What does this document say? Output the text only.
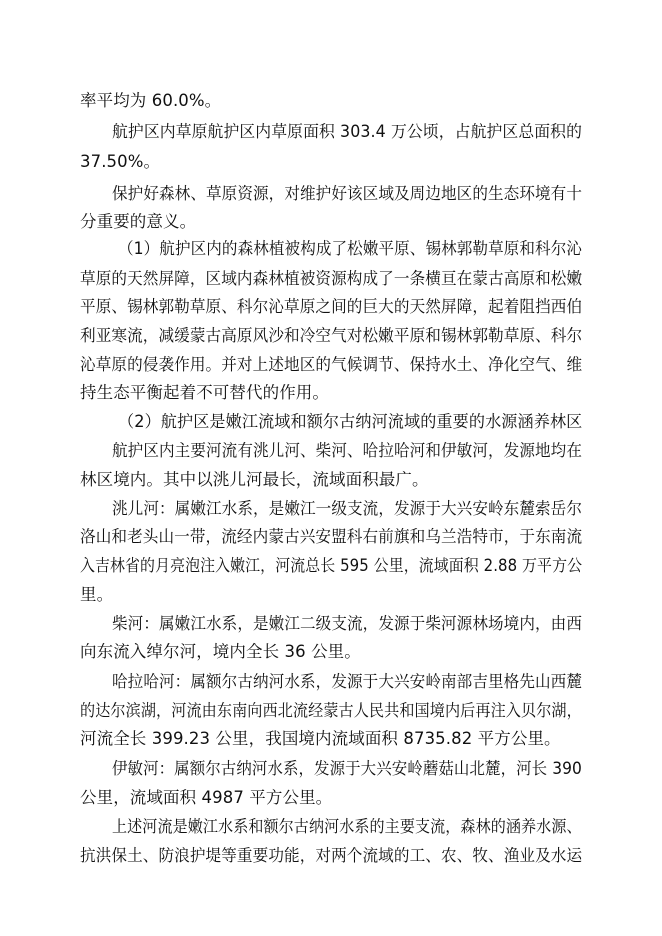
率平均为 60.0%。
航护区内草原航护区内草原面积 303.4 万公顷，占航护区总面积的
37.50%。
保护好森林、草原资源，对维护好该区域及周边地区的生态环境有十
分重要的意义。
（1）航护区内的森林植被构成了松嫩平原、锡林郭勒草原和科尔沁
草原的天然屏障，区域内森林植被资源构成了一条横亘在蒙古高原和松嫩
平原、锡林郭勒草原、科尔沁草原之间的巨大的天然屏障，起着阻挡西伯
利亚寒流，减缓蒙古高原风沙和冷空气对松嫩平原和锡林郭勒草原、科尔
沁草原的侵袭作用。并对上述地区的气候调节、保持水土、净化空气、维
持生态平衡起着不可替代的作用。
（2）航护区是嫩江流域和额尔古纳河流域的重要的水源涵养林区
航护区内主要河流有洮儿河、柴河、哈拉哈河和伊敏河，发源地均在
林区境内。其中以洮儿河最长，流域面积最广。
洮儿河：属嫩江水系，是嫩江一级支流，发源于大兴安岭东麓索岳尔
洛山和老头山一带，流经内蒙古兴安盟科右前旗和乌兰浩特市，于东南流
入吉林省的月亮泡注入嫩江，河流总长 595 公里，流域面积 2.88 万平方公
里。
柴河：属嫩江水系，是嫩江二级支流，发源于柴河源林场境内，由西
向东流入绰尔河，境内全长 36 公里。
哈拉哈河：属额尔古纳河水系，发源于大兴安岭南部吉里格先山西麓
的达尔滨湖，河流由东南向西北流经蒙古人民共和国境内后再注入贝尔湖，
河流全长 399.23 公里，我国境内流域面积 8735.82 平方公里。
伊敏河：属额尔古纳河水系，发源于大兴安岭蘑菇山北麓，河长 390
公里，流域面积 4987 平方公里。
上述河流是嫩江水系和额尔古纳河水系的主要支流，森林的涵养水源、
抗洪保土、防浪护堤等重要功能，对两个流域的工、农、牧、渔业及水运
